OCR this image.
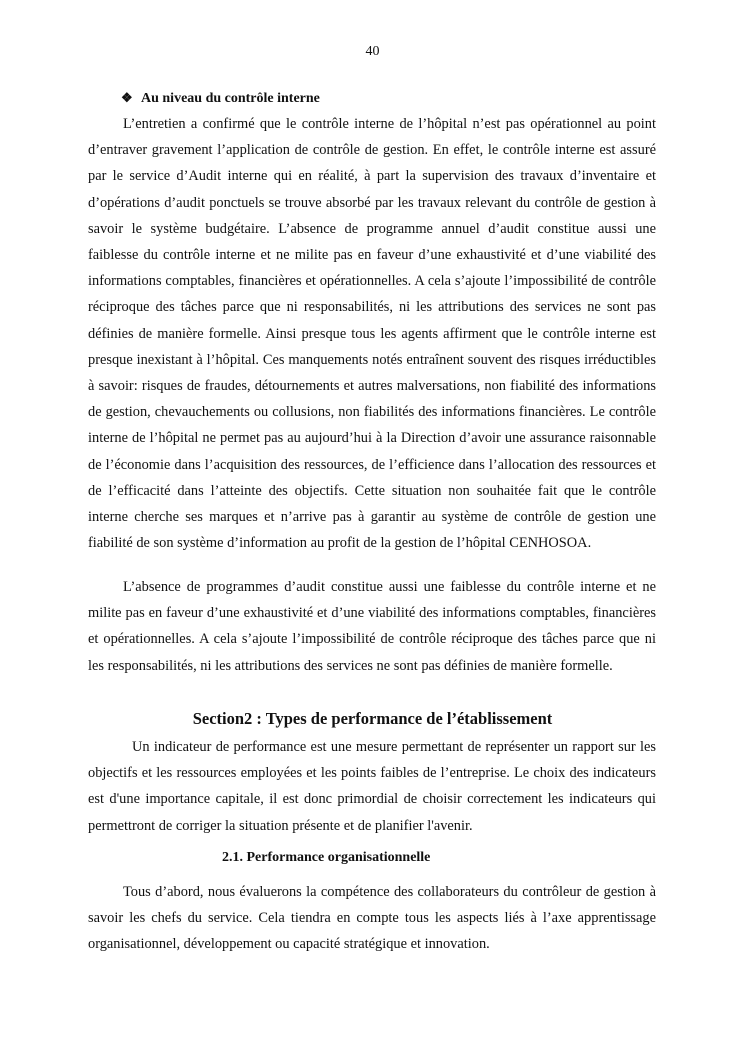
40
❖ Au niveau du contrôle interne

L’entretien a confirmé que le contrôle interne de l’hôpital n’est pas opérationnel au point d’entraver gravement l’application de contrôle de gestion. En effet, le contrôle interne est assuré par le service d’Audit interne qui en réalité, à part la supervision des travaux d’inventaire et d’opérations d’audit ponctuels se trouve absorbé par les travaux relevant du contrôle de gestion à savoir le système budgétaire. L’absence de programme annuel d’audit constitue aussi une faiblesse du contrôle interne et ne milite pas en faveur d’une exhaustivité et d’une viabilité des informations comptables, financières et opérationnelles. A cela s’ajoute l’impossibilité de contrôle réciproque des tâches parce que ni responsabilités, ni les attributions des services ne sont pas définies de manière formelle. Ainsi presque tous les agents affirment que le contrôle interne est presque inexistant à l’hôpital. Ces manquements notés entraînent souvent des risques irréductibles à savoir: risques de fraudes, détournements et autres malversations, non fiabilité des informations de gestion, chevauchements ou collusions, non fiabilités des informations financières. Le contrôle interne de l’hôpital ne permet pas au aujourd’hui à la Direction d’avoir une assurance raisonnable de l’économie dans l’acquisition des ressources, de l’efficience dans l’allocation des ressources et de l’efficacité dans l’atteinte des objectifs. Cette situation non souhaitée fait que le contrôle interne cherche ses marques et n’arrive pas à garantir au système de contrôle de gestion une fiabilité de son système d’information au profit de la gestion de l’hôpital CENHOSOA.

L’absence de programmes d’audit constitue aussi une faiblesse du contrôle interne et ne milite pas en faveur d’une exhaustivité et d’une viabilité des informations comptables, financières et opérationnelles. A cela s’ajoute l’impossibilité de contrôle réciproque des tâches parce que ni les responsabilités, ni les attributions des services ne sont pas définies de manière formelle.

Section2 : Types de performance de l’établissement

Un indicateur de performance est une mesure permettant de représenter un rapport sur les objectifs et les ressources employées et les points faibles de l’entreprise. Le choix des indicateurs est d'une importance capitale, il est donc primordial de choisir correctement les indicateurs qui permettront de corriger la situation présente et de planifier l'avenir.

2.1. Performance organisationnelle

Tous d’abord, nous évaluerons la compétence des collaborateurs du contrôleur de gestion à savoir les chefs du service. Cela tiendra en compte tous les aspects liés à l’axe apprentissage organisationnel, développement ou capacité stratégique et innovation.
